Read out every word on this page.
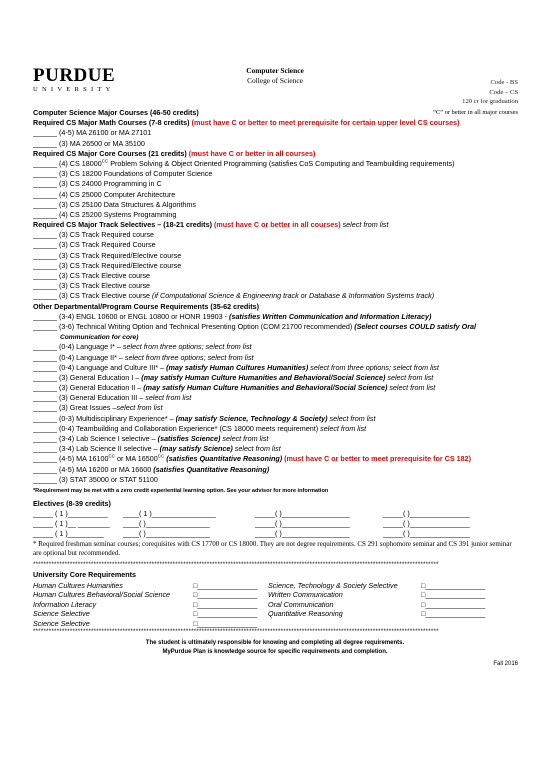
PURDUE
UNIVERSITY
Computer Science
College of Science	Code - BS
Code – CS
120 cr for graduation
Computer Science Major Courses (46-50 credits)	“C” or better in all major courses
Required CS Major Math Courses (7-8 credits) (must have C or better to meet prerequisite for certain upper level CS courses)
______ (4-5) MA 26100 or MA 27101
______ (3) MA 26500 or MA 35100
Required CS Major Core Courses (21 credits) (must have C or better in all courses)
______ (4) CS $18000^{CC}$ Problem Solving & Object Oriented Programming (satisfies CoS Computing and Teambuilding requirements)
______ (3) CS 18200 Foundations of Computer Science
______ (3) CS 24000 Programming in C
______ (4) CS 25000 Computer Architecture
______ (3) CS 25100 Data Structures & Algorithms
______ (4) CS 25200 Systems Programming
Required CS Major Track Selectives – (18-21 credits) (must have C or better in all courses) select from list
______ (3) CS Track Required course
______ (3) CS Track Required Course
______ (3) CS Track Required/Elective course
______ (3) CS Track Required/Elective course
______ (3) CS Track Elective course
______ (3) CS Track Elective course
______ (3) CS Track Elective course (if Computational Science & Engineering track or Database & Information Systems track)
Other Departmental/Program Course Requirements (35-62 credits)
______ (3-4) ENGL 10600 or ENGL 10800 or HONR 19903 - (satisfies Written Communication and Information Literacy)
______ (3-6) Technical Writing Option and Technical Presenting Option (COM 21700 recommended) (Select courses COULD satisfy Oral
Communication for core)
______ (0-4) Language I* – select from three options; select from list
______ (0-4) Language II* – select from three options; select from list
______ (0-4) Language and Culture III* – (may satisfy Human Cultures Humanities) select from three options; select from list
______ (3) General Education I – (may satisfy Human Culture Humanities and Behavioral/Social Science) select from list
______ (3) General Education II – (may satisfy Human Culture Humanities and Behavioral/Social Science) select from list
______ (3) General Education III – select from list
______ (3) Great Issues –select from list
______ (0-3) Multidisciplinary Experience* – (may satisfy Science, Technology & Society) select from list
______ (0-4) Teambuilding and Collaboration Experience* (CS 18000 meets requirement) select from list
______ (3-4) Lab Science I selective – (satisfies Science) select from list
______ (3-4) Lab Science II selective – (may satisfy Science) select from list
______ (4-5) MA $16100^{CC}$ or MA $16500^{CC}$ (satisfies Quantitative Reasoning) (must have C or better to meet prerequisite for CS 182)
______ (4-5) MA 16200 or MA 16600 (satisfies Quantitative Reasoning)
______ (3) STAT 35000 or STAT 51100
*Requirement may be met with a zero credit experiential learning option. See your advisor for more information
Electives (8-39 credits)
_____ ( 1 )__________ ____( 1 )________________	_____( )_________________	_____( )_______________
_____ ( 1 )__ ________ ____( )________________	_____( )_________________	_____( )_______________
_____ ( 1 )_________	____( )________________	_____( )_________________	_____( )_______________
* Required freshman seminar courses; corequisites with CS 17700 or CS 18000. They are not degree requirements. CS 291 sophomore seminar and CS 391 junior seminar are optional but recommended.
**********************************************************************************************************************************************************
University Core Requirements
Human Cultures Humanities	□_______________ Science, Technology & Society Selective	□_______________
Human Cultures Behavioral/Social Science	□_______________ Written Communication	□_______________
Information Literacy	□_______________ Oral Communication	□_______________
Science Selective	□_______________ Quantitative Reasoning	□_______________
Science Selective	□_______________
**********************************************************************************************************************************************************
The student is ultimately responsible for knowing and completing all degree requirements.
MyPurdue Plan is knowledge source for specific requirements and completion.
Fall 2016
